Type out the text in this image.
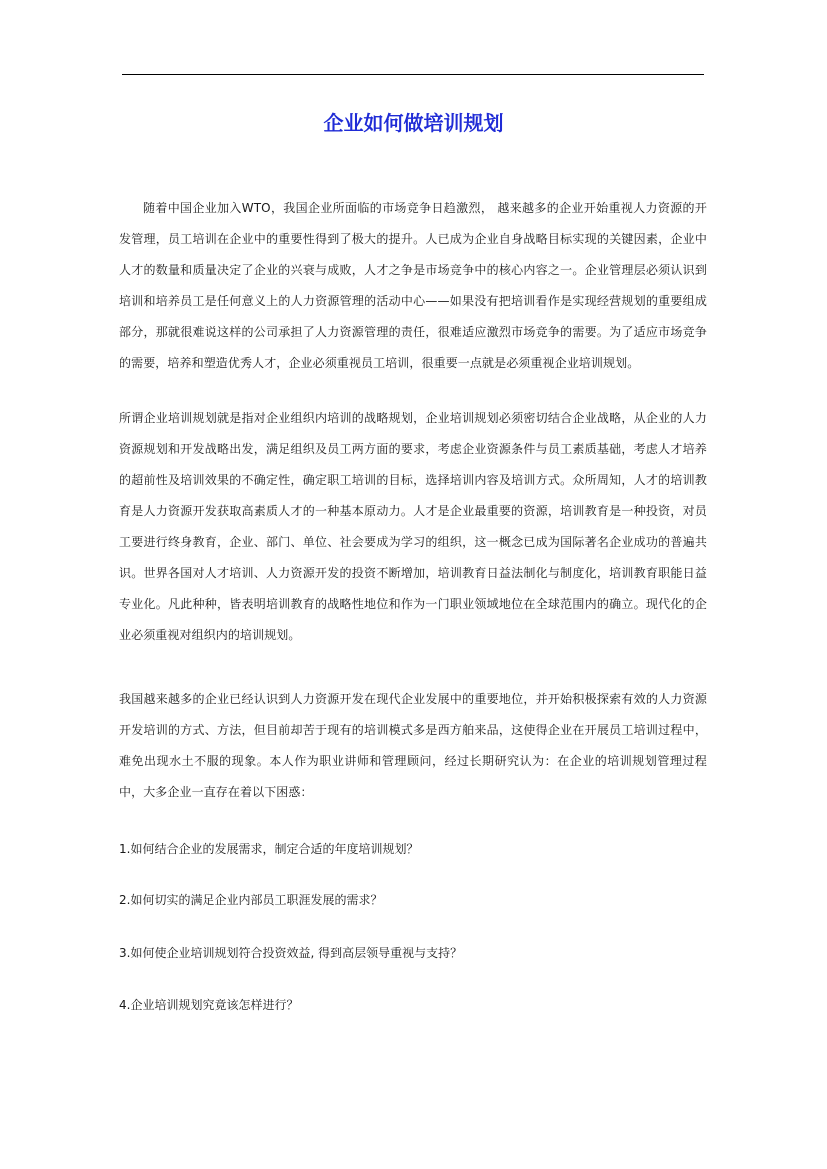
企业如何做培训规划

随着中国企业加入WTO，我国企业所面临的市场竞争日趋激烈， 越来越多的企业开始重视人力资源的开发管理，员工培训在企业中的重要性得到了极大的提升。人已成为企业自身战略目标实现的关键因素，企业中人才的数量和质量决定了企业的兴衰与成败，人才之争是市场竞争中的核心内容之一。企业管理层必须认识到培训和培养员工是任何意义上的人力资源管理的活动中心——如果没有把培训看作是实现经营规划的重要组成部分，那就很难说这样的公司承担了人力资源管理的责任，很难适应激烈市场竞争的需要。为了适应市场竞争的需要，培养和塑造优秀人才，企业必须重视员工培训，很重要一点就是必须重视企业培训规划。

所谓企业培训规划就是指对企业组织内培训的战略规划，企业培训规划必须密切结合企业战略，从企业的人力资源规划和开发战略出发，满足组织及员工两方面的要求，考虑企业资源条件与员工素质基础，考虑人才培养的超前性及培训效果的不确定性，确定职工培训的目标，选择培训内容及培训方式。众所周知，人才的培训教育是人力资源开发获取高素质人才的一种基本原动力。人才是企业最重要的资源，培训教育是一种投资，对员工要进行终身教育，企业、部门、单位、社会要成为学习的组织，这一概念已成为国际著名企业成功的普遍共识。世界各国对人才培训、人力资源开发的投资不断增加，培训教育日益法制化与制度化，培训教育职能日益专业化。凡此种种，皆表明培训教育的战略性地位和作为一门职业领域地位在全球范围内的确立。现代化的企业必须重视对组织内的培训规划。

我国越来越多的企业已经认识到人力资源开发在现代企业发展中的重要地位，并开始积极探索有效的人力资源开发培训的方式、方法，但目前却苦于现有的培训模式多是西方舶来品，这使得企业在开展员工培训过程中，难免出现水土不服的现象。本人作为职业讲师和管理顾问，经过长期研究认为：在企业的培训规划管理过程中，大多企业一直存在着以下困惑：

1.如何结合企业的发展需求，制定合适的年度培训规划？

2.如何切实的满足企业内部员工职涯发展的需求？

3.如何使企业培训规划符合投资效益, 得到高层领导重视与支持？

4.企业培训规划究竟该怎样进行？
